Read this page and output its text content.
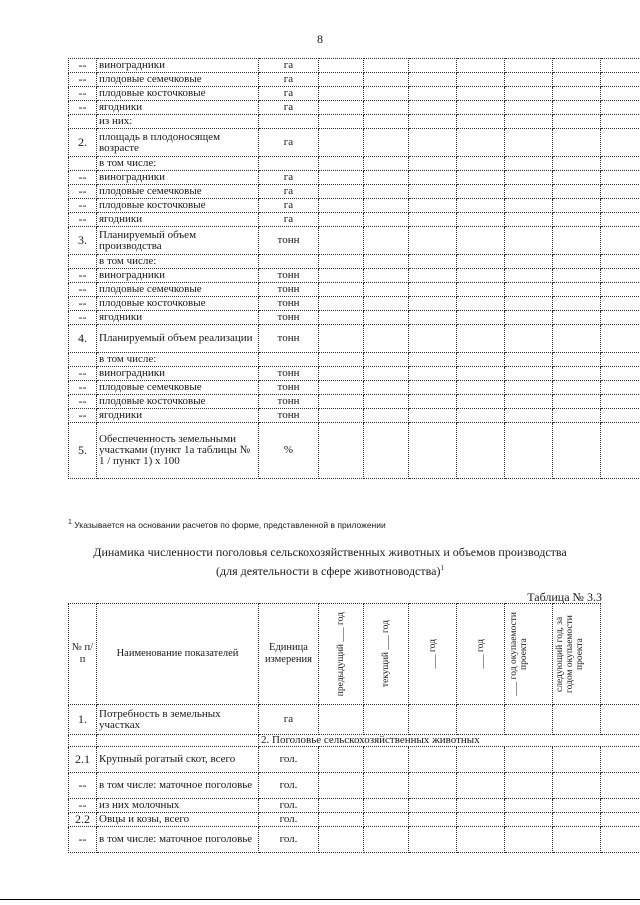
8
--	виноградники	га							
--	плодовые семечковые	га							
--	плодовые косточковые	га							
--	ягодники	га							
	из них:								
2.	площадь в плодоносящем возрасте	га							
	в том числе:								
--	виноградники	га							
--	плодовые семечковые	га							
--	плодовые косточковые	га							
--	ягодники	га							
3.	Планируемый объем производства	тонн							
	в том числе:								
--	виноградники	тонн							
--	плодовые семечковые	тонн							
--	плодовые косточковые	тонн							
--	ягодники	тонн							
4.	Планируемый объем реализации	тонн							
	в том числе:								
--	виноградники	тонн							
--	плодовые семечковые	тонн							
--	плодовые косточковые	тонн							
--	ягодники	тонн							
5.	Обеспеченность земельными участками (пункт 1а таблицы № 1 / пункт 1) x 100	%							
$^1$ Указывается на основании расчетов по форме, представленной в приложении
Динамика численности поголовья сельскохозяйственных животных и объемов производства
(для деятельности в сфере животноводства)$^1$
Таблица № 3.3
№ п/п	Наименование показателей	Единица измерения	предыдущий ___ год	текущий ___ год	___ год	___ год	___ год окупаемости проекта	следующий год, за годом окупаемости проекта	

1.	Потребность в земельных участках	га							
		2. Поголовье сельскохозяйственных животных							
2.1	Крупный рогатый скот, всего	гол.							
--	в том числе: маточное поголовье	гол.							
--	из них молочных	гол.							
2.2	Овцы и козы, всего	гол.							
--	в том числе: маточное поголовье	гол.							
